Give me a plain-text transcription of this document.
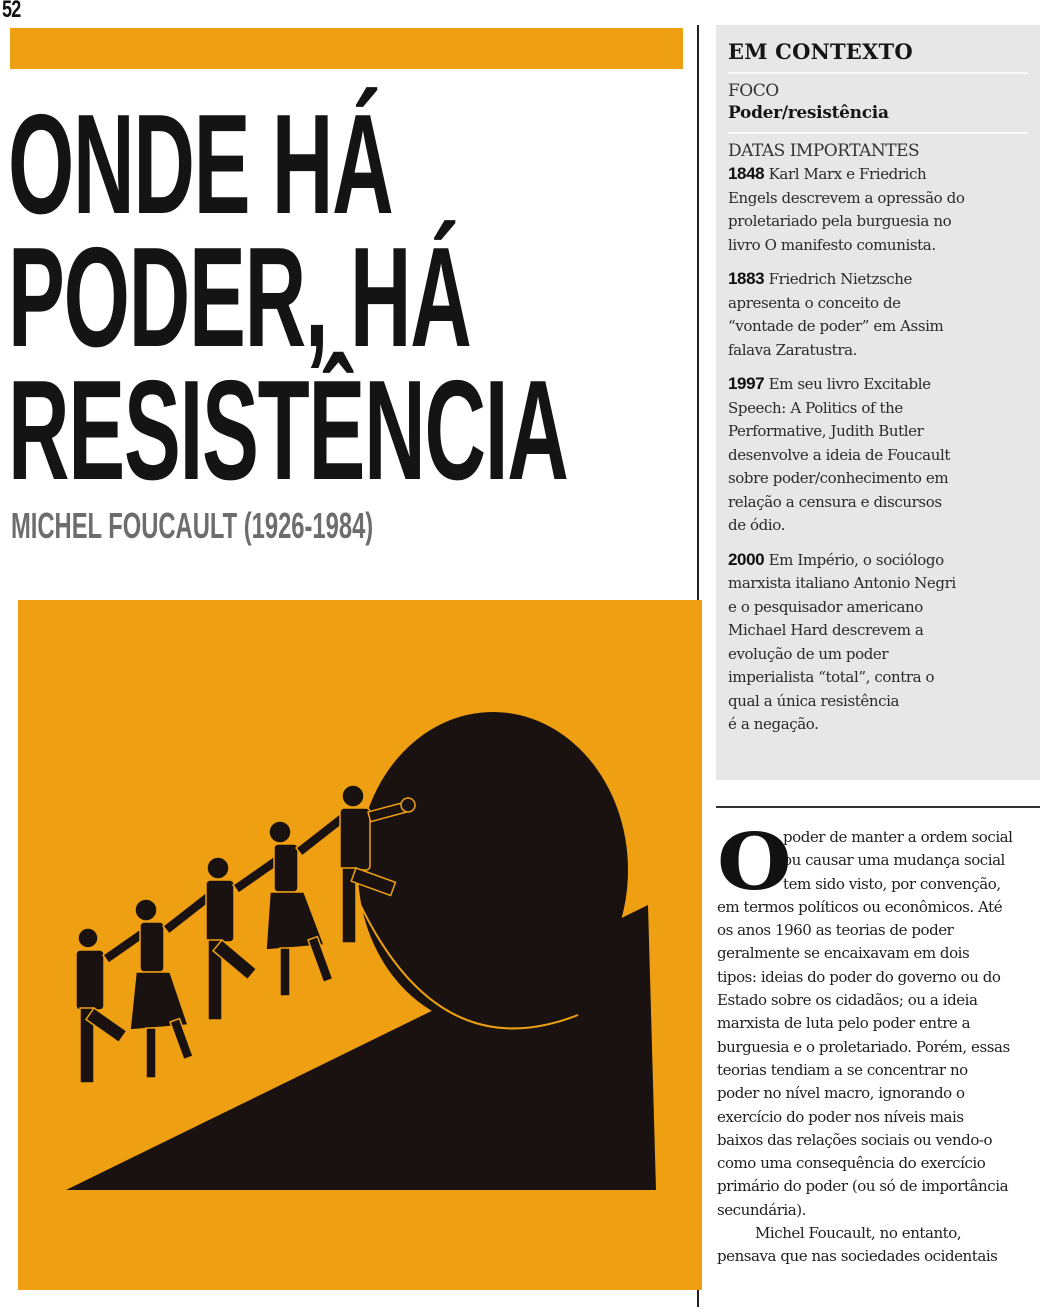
52
ONDE HÁ
PODER, HÁ
RESISTÊNCIA
MICHEL FOUCAULT (1926-1984)
EM CONTEXTO
FOCO
Poder/resistência
DATAS IMPORTANTES
1848 Karl Marx e Friedrich
Engels descrevem a opressão do
proletariado pela burguesia no
livro O manifesto comunista.
1883 Friedrich Nietzsche
apresenta o conceito de
“vontade de poder” em Assim
falava Zaratustra.
1997 Em seu livro Excitable
Speech: A Politics of the
Performative, Judith Butler
desenvolve a ideia de Foucault
sobre poder/conhecimento em
relação a censura e discursos
de ódio.
2000 Em Império, o sociólogo
marxista italiano Antonio Negri
e o pesquisador americano
Michael Hard descrevem a
evolução de um poder
imperialista “total”, contra o
qual a única resistência
é a negação.

O
poder de manter a ordem social
ou causar uma mudança social
tem sido visto, por convenção,
em termos políticos ou econômicos. Até
os anos 1960 as teorias de poder
geralmente se encaixavam em dois
tipos: ideias do poder do governo ou do
Estado sobre os cidadãos; ou a ideia
marxista de luta pelo poder entre a
burguesia e o proletariado. Porém, essas
teorias tendiam a se concentrar no
poder no nível macro, ignorando o
exercício do poder nos níveis mais
baixos das relações sociais ou vendo-o
como uma consequência do exercício
primário do poder (ou só de importância
secundária).

Michel Foucault, no entanto,
pensava que nas sociedades ocidentais
